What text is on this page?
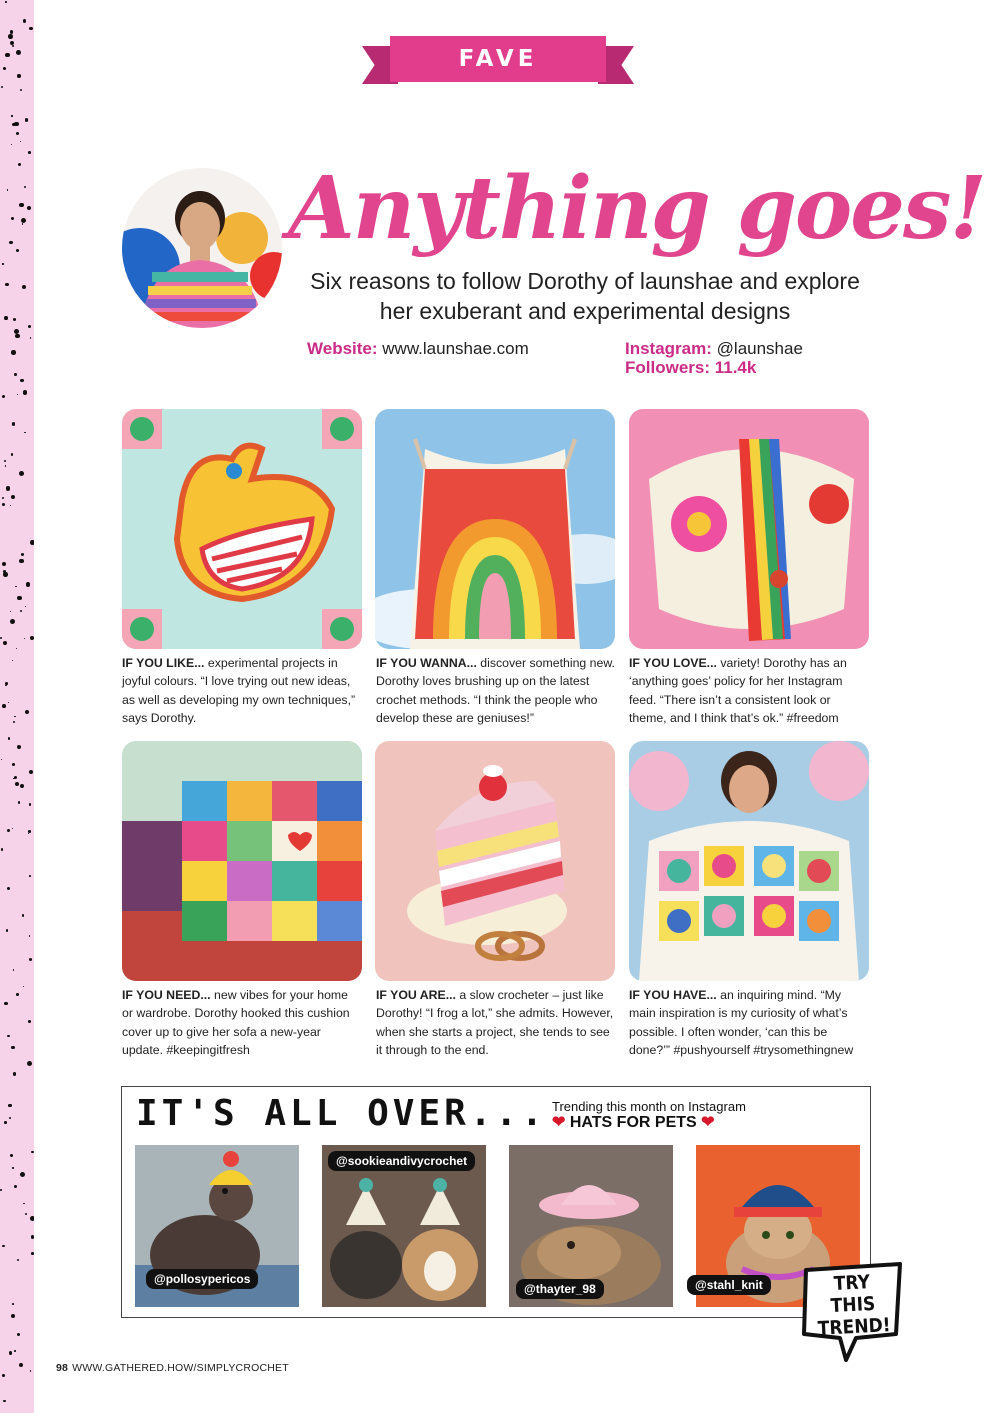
FAVE FOLLOW
Anything goes!
Six reasons to follow Dorothy of launshae and explore
her exuberant and experimental designs
Website: www.launshae.com	Instagram: @launshae
Followers: 11.4k
IF YOU LIKE... experimental projects in joyful colours. “I love trying out new ideas, as well as developing my own techniques,” says Dorothy.
IF YOU WANNA... discover something new. Dorothy loves brushing up on the latest crochet methods. “I think the people who develop these are geniuses!”
IF YOU LOVE... variety! Dorothy has an ‘anything goes’ policy for her Instagram feed. “There isn’t a consistent look or theme, and I think that’s ok.” #freedom
IF YOU NEED... new vibes for your home or wardrobe. Dorothy hooked this cushion cover up to give her sofa a new-year update. #keepingitfresh
IF YOU ARE... a slow crocheter – just like Dorothy! “I frog a lot,” she admits. However, when she starts a project, she tends to see it through to the end.
IF YOU HAVE... an inquiring mind. “My main inspiration is my curiosity of what’s possible. I often wonder, ‘can this be done?’” #pushyourself #trysomethingnew
IT'S ALL OVER... Trending this month on Instagram
❤ HATS FOR PETS ❤
@pollosypericos
@sookieandivycrochet
@thayter_98	@stahl_knit	TRY THIS
TREND!
98 WWW.GATHERED.HOW/SIMPLYCROCHET
